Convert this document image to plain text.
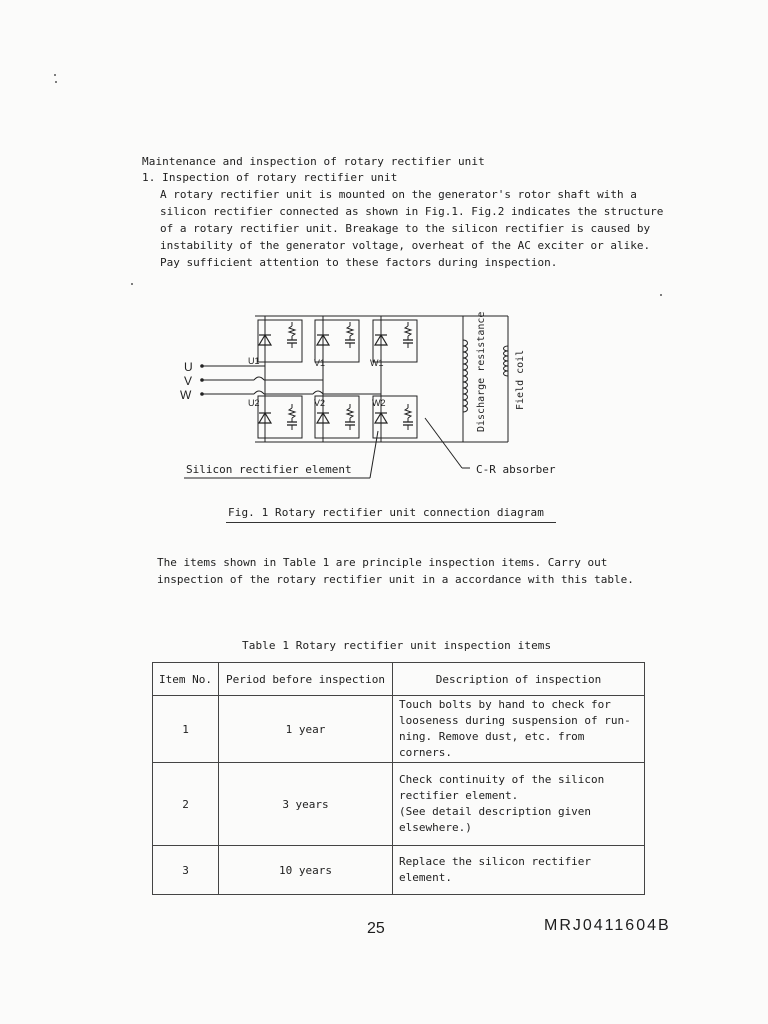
Maintenance and inspection of rotary rectifier unit
1. Inspection of rotary rectifier unit
A rotary rectifier unit is mounted on the generator's rotor shaft with a
silicon rectifier connected as shown in Fig.1. Fig.2 indicates the structure
of a rotary rectifier unit. Breakage to the silicon rectifier is caused by
instability of the generator voltage, overheat of the AC exciter or alike.
Pay sufficient attention to these factors during inspection.
U
V
W
U1	V1	W1
U2	V2	W2	Discharge resistance	Field coil
Silicon rectifier element	C-R absorber
Fig. 1 Rotary rectifier unit connection diagram
The items shown in Table 1 are principle inspection items. Carry out
inspection of the rotary rectifier unit in a accordance with this table.
Table 1 Rotary rectifier unit inspection items
Item No.	Period before inspection	Description of inspection
1	1 year	Touch bolts by hand to check for
looseness during suspension of run-
ning. Remove dust, etc. from corners.

2	3 years	Check continuity of the silicon
rectifier element.
(See detail description given
elsewhere.)

3	10 years	Replace the silicon rectifier
element.
25	MRJ0411604B
